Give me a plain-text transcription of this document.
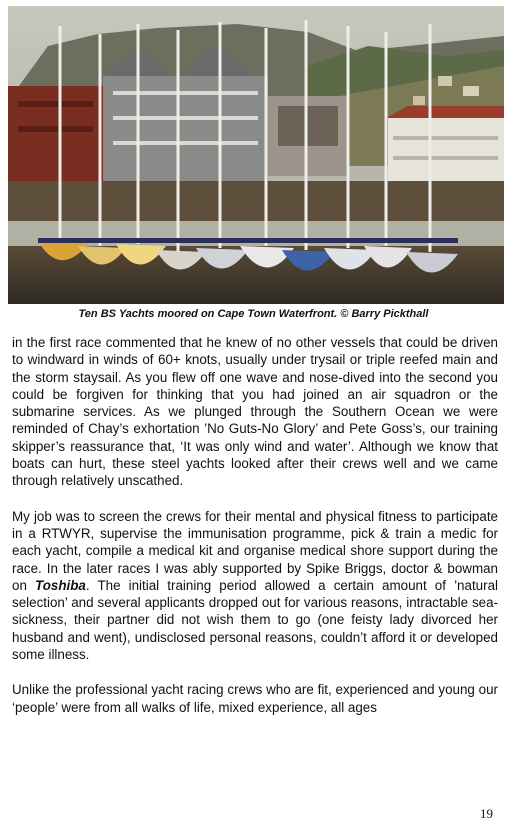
Ten BS Yachts moored on Cape Town Waterfront. © Barry Pickthall

in the first race commented that he knew of no other vessels that could be driven to windward in winds of 60+ knots, usually under trysail or triple reefed main and the storm staysail. As you flew off one wave and nose-dived into the second you could be forgiven for thinking that you had joined an air squadron or the submarine services. As we plunged through the Southern Ocean we were reminded of Chay’s exhortation ’No Guts-No Glory’ and Pete Goss’s, our training skipper’s reassurance that, ‘It was only wind and water’. Although we know that boats can hurt, these steel yachts looked after their crews well and we came through relatively unscathed.

My job was to screen the crews for their mental and physical fitness to participate in a RTWYR, supervise the immunisation programme, pick & train a medic for each yacht, compile a medical kit and organise medical shore support during the race. In the later races I was ably supported by Spike Briggs, doctor & bowman on Toshiba. The initial training period allowed a certain amount of ’natural selection’ and several applicants dropped out for various reasons, intractable sea-sickness, their partner did not wish them to go (one feisty lady divorced her husband and went), undisclosed personal reasons, couldn’t afford it or developed some illness.

Unlike the professional yacht racing crews who are fit, experienced and young our ‘people’ were from all walks of life, mixed experience, all ages

19
